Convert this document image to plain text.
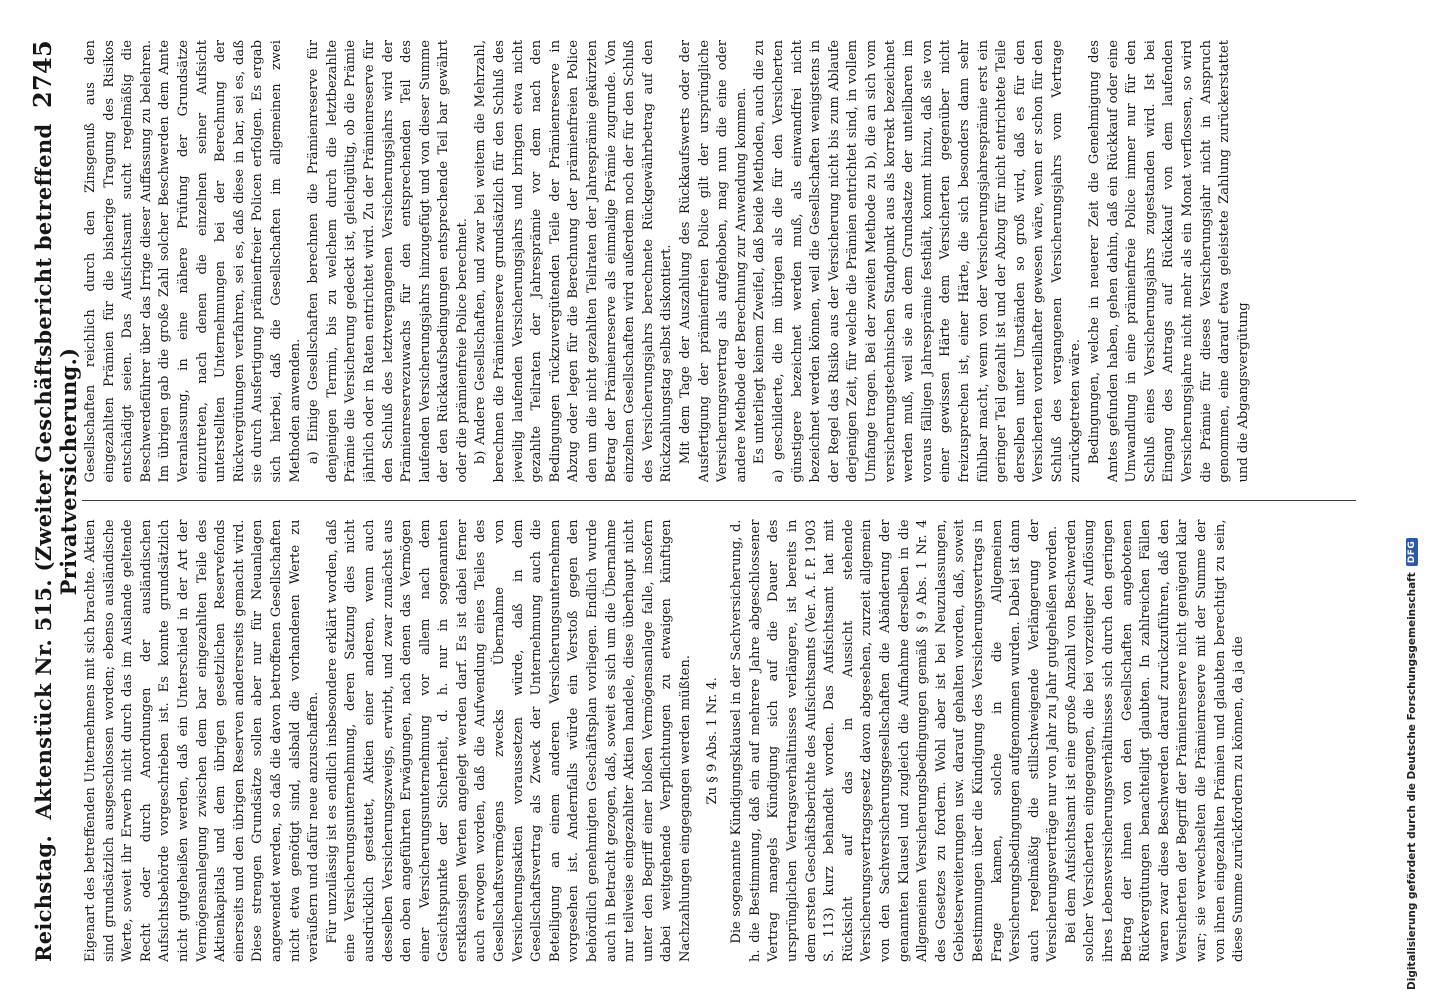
Reichstag.
Aktenstück Nr. 515. (Zweiter Geschäftsbericht betreffend Privatversicherung.)
2745

Eigenart des betreffenden Unternehmens mit sich brachte. Aktien sind grundsätzlich ausgeschlossen worden; ebenso ausländische Werte, soweit ihr Erwerb nicht durch das im Auslande geltende Recht oder durch Anordnungen der ausländischen Aufsichtsbehörde vorgeschrieben ist. Es konnte grundsätzlich nicht gutgeheißen werden, daß ein Unterschied in der Art der Vermögensanlegung zwischen dem bar eingezahlten Teile des Aktienkapitals und dem übrigen gesetzlichen Reservefonds einerseits und den übrigen Reserven andererseits gemacht wird. Diese strengen Grundsätze sollen aber nur für Neuanlagen angewendet werden, so daß die davon betroffenen Gesellschaften nicht etwa genötigt sind, alsbald die vorhandenen Werte zu veräußern und dafür neue anzuschaffen. Für unzulässig ist es endlich insbesondere erklärt worden, daß eine Versicherungsunternehmung, deren Satzung dies nicht ausdrücklich gestattet, Aktien einer anderen, wenn auch desselben Versicherungszweigs, erwirbt, und zwar zunächst aus den oben angeführten Erwägungen, nach denen das Vermögen einer Versicherungsunternehmung vor allem nach dem Gesichtspunkte der Sicherheit, d. h. nur in sogenannten erstklassigen Werten angelegt werden darf. Es ist dabei ferner auch erwogen worden, daß die Aufwendung eines Teiles des Gesellschaftsvermögens zwecks Übernahme von Versicherungsaktien voraussetzen würde, daß in dem Gesellschaftsvertrag als Zweck der Unternehmung auch die Beteiligung an einem anderen Versicherungsunternehmen vorgesehen ist. Andernfalls würde ein Verstoß gegen den behördlich genehmigten Geschäftsplan vorliegen. Endlich wurde auch in Betracht gezogen, daß, soweit es sich um die Übernahme nur teilweise eingezahlter Aktien handele, diese überhaupt nicht unter den Begriff einer bloßen Vermögensanlage falle, insofern dabei weitgehende Verpflichtungen zu etwaigen künftigen Nachzahlungen eingegangen werden müßten. Zu § 9 Abs. 1 Nr. 4. Die sogenannte Kündigungsklausel in der Sachversicherung, d. h. die Bestimmung, daß ein auf mehrere Jahre abgeschlossener Vertrag mangels Kündigung sich auf die Dauer des ursprünglichen Vertragsverhältnisses verlängere, ist bereits in dem ersten Geschäftsberichte des Aufsichtsamts (Ver. A. f. P. 1903 S. 113) kurz behandelt worden. Das Aufsichtsamt hat mit Rücksicht auf das in Aussicht stehende Versicherungsvertragsgesetz davon abgesehen, zurzeit allgemein von den Sachversicherungsgesellschaften die Abänderung der genannten Klausel und zugleich die Aufnahme derselben in die Allgemeinen Versicherungsbedingungen gemäß § 9 Abs. 1 Nr. 4 des Gesetzes zu fordern. Wohl aber ist bei Neuzulassungen, Gebietserweiterungen usw. darauf gehalten worden, daß, soweit Bestimmungen über die Kündigung des Versicherungsvertrags in Frage kamen, solche in die Allgemeinen Versicherungsbedingungen aufgenommen wurden. Dabei ist dann auch regelmäßig die stillschweigende Verlängerung der Versicherungsverträge nur von Jahr zu Jahr gutgeheißen worden. Bei dem Aufsichtsamt ist eine große Anzahl von Beschwerden solcher Versicherten eingegangen, die bei vorzeitiger Auflösung ihres Lebensversicherungsverhältnisses sich durch den geringen Betrag der ihnen von den Gesellschaften angebotenen Rückvergütungen benachteiligt glaubten. In zahlreichen Fällen waren zwar diese Beschwerden darauf zurückzuführen, daß den Versicherten der Begriff der Prämienreserve nicht genügend klar war; sie verwechselten die Prämienreserve mit der Summe der von ihnen eingezahlten Prämien und glaubten berechtigt zu sein, diese Summe zurückfordern zu können, da ja die

Gesellschaften reichlich durch den Zinsgenuß aus den eingezahlten Prämien für die bisherige Tragung des Risikos entschädigt seien. Das Aufsichtsamt sucht regelmäßig die Beschwerdeführer über das Irrige dieser Auffassung zu belehren. Im übrigen gab die große Zahl solcher Beschwerden dem Amte Veranlassung, in eine nähere Prüfung der Grundsätze einzutreten, nach denen die einzelnen seiner Aufsicht unterstellten Unternehmungen bei der Berechnung der Rückvergütungen verfahren, sei es, daß diese in bar, sei es, daß sie durch Ausfertigung prämienfreier Policen erfolgen. Es ergab sich hierbei, daß die Gesellschaften im allgemeinen zwei Methoden anwenden. a) Einige Gesellschaften berechnen die Prämienreserve für denjenigen Termin, bis zu welchem durch die letztbezahlte Prämie die Versicherung gedeckt ist, gleichgültig, ob die Prämie jährlich oder in Raten entrichtet wird. Zu der Prämienreserve für den Schluß des letztvergangenen Versicherungsjahrs wird der Prämienreservezuwachs für den entsprechenden Teil des laufenden Versicherungsjahrs hinzugefügt und von dieser Summe der den Rückkaufsbedingungen entsprechende Teil bar gewährt oder die prämienfreie Police berechnet. b) Andere Gesellschaften, und zwar bei weitem die Mehrzahl, berechnen die Prämienreserve grundsätzlich für den Schluß des jeweilig laufenden Versicherungsjahrs und bringen etwa nicht gezahlte Teilraten der Jahresprämie vor dem nach den Bedingungen rückzuvergütenden Teile der Prämienreserve in Abzug oder legen für die Berechnung der prämienfreien Police den um die nicht gezahlten Teilraten der Jahresprämie gekürzten Betrag der Prämienreserve als einmalige Prämie zugrunde. Von einzelnen Gesellschaften wird außerdem noch der für den Schluß des Versicherungsjahrs berechnete Rückgewährbetrag auf den Rückzahlungstag selbst diskontiert. Mit dem Tage der Auszahlung des Rückkaufswerts oder der Ausfertigung der prämienfreien Police gilt der ursprüngliche Versicherungsvertrag als aufgehoben, mag nun die eine oder andere Methode der Berechnung zur Anwendung kommen. Es unterliegt keinem Zweifel, daß beide Methoden, auch die zu a) geschilderte, die im übrigen als die für den Versicherten günstigere bezeichnet werden muß, als einwandfrei nicht bezeichnet werden können, weil die Gesellschaften wenigstens in der Regel das Risiko aus der Versicherung nicht bis zum Ablaufe derjenigen Zeit, für welche die Prämien entrichtet sind, in vollem Umfange tragen. Bei der zweiten Methode zu b), die an sich vom versicherungstechnischen Standpunkt aus als korrekt bezeichnet werden muß, weil sie an dem Grundsatze der unteilbaren im voraus fälligen Jahresprämie festhält, kommt hinzu, daß sie von einer gewissen Härte dem Versicherten gegenüber nicht freizusprechen ist, einer Härte, die sich besonders dann sehr fühlbar macht, wenn von der Versicherungsjahresprämie erst ein geringer Teil gezahlt ist und der Abzug für nicht entrichtete Teile derselben unter Umständen so groß wird, daß es für den Versicherten vorteilhafter gewesen wäre, wenn er schon für den Schluß des vergangenen Versicherungsjahrs vom Vertrage zurückgetreten wäre. Bedingungen, welche in neuerer Zeit die Genehmigung des Amtes gefunden haben, gehen dahin, daß ein Rückkauf oder eine Umwandlung in eine prämienfreie Police immer nur für den Schluß eines Versicherungsjahrs zugestanden wird. Ist bei Eingang des Antrags auf Rückkauf von dem laufenden Versicherungsjahre nicht mehr als ein Monat verflossen, so wird die Prämie für dieses Versicherungsjahr nicht in Anspruch genommen, eine darauf etwa geleistete Zahlung zurückerstattet und die Abgangsvergütung

Digitalisierung gefördert durch die Deutsche Forschungsgemeinschaft
DFG
